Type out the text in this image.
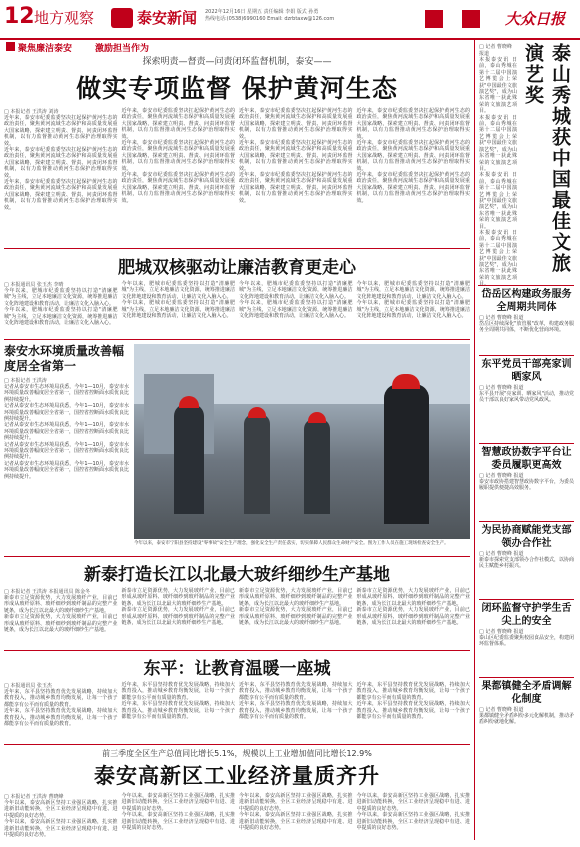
12 地方观察	泰安新闻 2022年12月16日 星期五 责任编辑 李娟 版式 孙勇
热线电话:(0538)6990160 Email: dzrbtaxw@126.com	大众日报
聚焦廉洁泰安	激励担当作为
探索明责—督责—问责闭环监督机制，泰安——
做实专项监督 保护黄河生态
□ 本报记者 王洪涛 刘涛
近年来，泰安市纪委监委坚决扛起保护黄河生态的政治责任，聚焦黄河流域生态保护和高质量发展重大国家战略，探索建立明责、督责、问责闭环监督机制，以有力监督推动黄河生态保护治理取得实效。
近年来，泰安市纪委监委坚决扛起保护黄河生态的政治责任，聚焦黄河流域生态保护和高质量发展重大国家战略，探索建立明责、督责、问责闭环监督机制，以有力监督推动黄河生态保护治理取得实效。
近年来，泰安市纪委监委坚决扛起保护黄河生态的政治责任，聚焦黄河流域生态保护和高质量发展重大国家战略，探索建立明责、督责、问责闭环监督机制，以有力监督推动黄河生态保护治理取得实效。
近年来，泰安市纪委监委坚决扛起保护黄河生态的政治责任，聚焦黄河流域生态保护和高质量发展重大国家战略，探索建立明责、督责、问责闭环监督机制，以有力监督推动黄河生态保护治理取得实效。
近年来，泰安市纪委监委坚决扛起保护黄河生态的政治责任，聚焦黄河流域生态保护和高质量发展重大国家战略，探索建立明责、督责、问责闭环监督机制，以有力监督推动黄河生态保护治理取得实效。
近年来，泰安市纪委监委坚决扛起保护黄河生态的政治责任，聚焦黄河流域生态保护和高质量发展重大国家战略，探索建立明责、督责、问责闭环监督机制，以有力监督推动黄河生态保护治理取得实效。
近年来，泰安市纪委监委坚决扛起保护黄河生态的政治责任，聚焦黄河流域生态保护和高质量发展重大国家战略，探索建立明责、督责、问责闭环监督机制，以有力监督推动黄河生态保护治理取得实效。
近年来，泰安市纪委监委坚决扛起保护黄河生态的政治责任，聚焦黄河流域生态保护和高质量发展重大国家战略，探索建立明责、督责、问责闭环监督机制，以有力监督推动黄河生态保护治理取得实效。
近年来，泰安市纪委监委坚决扛起保护黄河生态的政治责任，聚焦黄河流域生态保护和高质量发展重大国家战略，探索建立明责、督责、问责闭环监督机制，以有力监督推动黄河生态保护治理取得实效。
近年来，泰安市纪委监委坚决扛起保护黄河生态的政治责任，聚焦黄河流域生态保护和高质量发展重大国家战略，探索建立明责、督责、问责闭环监督机制，以有力监督推动黄河生态保护治理取得实效。
近年来，泰安市纪委监委坚决扛起保护黄河生态的政治责任，聚焦黄河流域生态保护和高质量发展重大国家战略，探索建立明责、督责、问责闭环监督机制，以有力监督推动黄河生态保护治理取得实效。
近年来，泰安市纪委监委坚决扛起保护黄河生态的政治责任，聚焦黄河流域生态保护和高质量发展重大国家战略，探索建立明责、督责、问责闭环监督机制，以有力监督推动黄河生态保护治理取得实效。
肥城双核驱动让廉洁教育更走心
□ 本报通讯员 张玉杰 李晴
今年以来，肥城市纪委监委坚持以打造"清廉肥城"为主线，立足本地廉洁文化资源，统筹推进廉洁文化阵地建设和教育活动，让廉洁文化入脑入心。
今年以来，肥城市纪委监委坚持以打造"清廉肥城"为主线，立足本地廉洁文化资源，统筹推进廉洁文化阵地建设和教育活动，让廉洁文化入脑入心。
今年以来，肥城市纪委监委坚持以打造"清廉肥城"为主线，立足本地廉洁文化资源，统筹推进廉洁文化阵地建设和教育活动，让廉洁文化入脑入心。
今年以来，肥城市纪委监委坚持以打造"清廉肥城"为主线，立足本地廉洁文化资源，统筹推进廉洁文化阵地建设和教育活动，让廉洁文化入脑入心。
今年以来，肥城市纪委监委坚持以打造"清廉肥城"为主线，立足本地廉洁文化资源，统筹推进廉洁文化阵地建设和教育活动，让廉洁文化入脑入心。
今年以来，肥城市纪委监委坚持以打造"清廉肥城"为主线，立足本地廉洁文化资源，统筹推进廉洁文化阵地建设和教育活动，让廉洁文化入脑入心。
今年以来，肥城市纪委监委坚持以打造"清廉肥城"为主线，立足本地廉洁文化资源，统筹推进廉洁文化阵地建设和教育活动，让廉洁文化入脑入心。
今年以来，肥城市纪委监委坚持以打造"清廉肥城"为主线，立足本地廉洁文化资源，统筹推进廉洁文化阵地建设和教育活动，让廉洁文化入脑入心。
泰安水环境质量改善幅度居全省第一
□ 本报记者 王洪涛
记者从泰安市生态环境局获悉，今年1—10月，泰安市水环境质量改善幅度居全省第一，国控省控断面水质优良比例持续提升。
记者从泰安市生态环境局获悉，今年1—10月，泰安市水环境质量改善幅度居全省第一，国控省控断面水质优良比例持续提升。
记者从泰安市生态环境局获悉，今年1—10月，泰安市水环境质量改善幅度居全省第一，国控省控断面水质优良比例持续提升。
记者从泰安市生态环境局获悉，今年1—10月，泰安市水环境质量改善幅度居全省第一，国控省控断面水质优良比例持续提升。
记者从泰安市生态环境局获悉，今年1—10月，泰安市水环境质量改善幅度居全省第一，国控省控断面水质优良比例持续提升。
今年以来，泰安市宁阳县坚持建设"零事故"安全生产理念，强化安全生产责任落实，切实保障人民群众生命财产安全。图为工作人员在施工现场检查安全生产。
新泰打造长江以北最大玻纤细纱生产基地
□ 本报记者 王洪涛 本报通讯员 陈金冬
新泰市立足资源优势，大力发展玻纤产业，目前已形成从玻纤原料、玻纤细纱到玻纤制品的完整产业链条，成为长江以北最大的玻纤细纱生产基地。
新泰市立足资源优势，大力发展玻纤产业，目前已形成从玻纤原料、玻纤细纱到玻纤制品的完整产业链条，成为长江以北最大的玻纤细纱生产基地。
新泰市立足资源优势，大力发展玻纤产业，目前已形成从玻纤原料、玻纤细纱到玻纤制品的完整产业链条，成为长江以北最大的玻纤细纱生产基地。
新泰市立足资源优势，大力发展玻纤产业，目前已形成从玻纤原料、玻纤细纱到玻纤制品的完整产业链条，成为长江以北最大的玻纤细纱生产基地。
新泰市立足资源优势，大力发展玻纤产业，目前已形成从玻纤原料、玻纤细纱到玻纤制品的完整产业链条，成为长江以北最大的玻纤细纱生产基地。
新泰市立足资源优势，大力发展玻纤产业，目前已形成从玻纤原料、玻纤细纱到玻纤制品的完整产业链条，成为长江以北最大的玻纤细纱生产基地。
新泰市立足资源优势，大力发展玻纤产业，目前已形成从玻纤原料、玻纤细纱到玻纤制品的完整产业链条，成为长江以北最大的玻纤细纱生产基地。
新泰市立足资源优势，大力发展玻纤产业，目前已形成从玻纤原料、玻纤细纱到玻纤制品的完整产业链条，成为长江以北最大的玻纤细纱生产基地。
东平：让教育温暖一座城
□ 本报通讯员 张玉杰
近年来，东平县坚持教育优先发展战略，持续加大教育投入，推动城乡教育均衡发展，让每一个孩子都能享有公平而有质量的教育。
近年来，东平县坚持教育优先发展战略，持续加大教育投入，推动城乡教育均衡发展，让每一个孩子都能享有公平而有质量的教育。
近年来，东平县坚持教育优先发展战略，持续加大教育投入，推动城乡教育均衡发展，让每一个孩子都能享有公平而有质量的教育。
近年来，东平县坚持教育优先发展战略，持续加大教育投入，推动城乡教育均衡发展，让每一个孩子都能享有公平而有质量的教育。
近年来，东平县坚持教育优先发展战略，持续加大教育投入，推动城乡教育均衡发展，让每一个孩子都能享有公平而有质量的教育。
近年来，东平县坚持教育优先发展战略，持续加大教育投入，推动城乡教育均衡发展，让每一个孩子都能享有公平而有质量的教育。
近年来，东平县坚持教育优先发展战略，持续加大教育投入，推动城乡教育均衡发展，让每一个孩子都能享有公平而有质量的教育。
近年来，东平县坚持教育优先发展战略，持续加大教育投入，推动城乡教育均衡发展，让每一个孩子都能享有公平而有质量的教育。
前三季度全区生产总值同比增长5.1%，规模以上工业增加值同比增长12.9%
泰安高新区工业经济量质齐升
□ 本报记者 王洪涛 曹晓峰
今年以来，泰安高新区坚持工业强区战略，扎实推进新旧动能转换，全区工业经济呈现稳中有进、进中提质的良好态势。
今年以来，泰安高新区坚持工业强区战略，扎实推进新旧动能转换，全区工业经济呈现稳中有进、进中提质的良好态势。
今年以来，泰安高新区坚持工业强区战略，扎实推进新旧动能转换，全区工业经济呈现稳中有进、进中提质的良好态势。
今年以来，泰安高新区坚持工业强区战略，扎实推进新旧动能转换，全区工业经济呈现稳中有进、进中提质的良好态势。
今年以来，泰安高新区坚持工业强区战略，扎实推进新旧动能转换，全区工业经济呈现稳中有进、进中提质的良好态势。
今年以来，泰安高新区坚持工业强区战略，扎实推进新旧动能转换，全区工业经济呈现稳中有进、进中提质的良好态势。
今年以来，泰安高新区坚持工业强区战略，扎实推进新旧动能转换，全区工业经济呈现稳中有进、进中提质的良好态势。
今年以来，泰安高新区坚持工业强区战略，扎实推进新旧动能转换，全区工业经济呈现稳中有进、进中提质的良好态势。
□ 记者 曹晓峰 报道
本报泰安讯 日前，泰山秀城在第十二届中国演艺博览会上荣获"中国最佳文旅演艺奖"，成为山东省唯一获此殊荣的文旅演艺项目。
本报泰安讯 日前，泰山秀城在第十二届中国演艺博览会上荣获"中国最佳文旅演艺奖"，成为山东省唯一获此殊荣的文旅演艺项目。
本报泰安讯 日前，泰山秀城在第十二届中国演艺博览会上荣获"中国最佳文旅演艺奖"，成为山东省唯一获此殊荣的文旅演艺项目。
本报泰安讯 日前，泰山秀城在第十二届中国演艺博览会上荣获"中国最佳文旅演艺奖"，成为山东省唯一获此殊荣的文旅演艺项目。
泰山秀城获中国最佳文旅演艺奖
岱岳区构建政务服务全周期共同体
□ 记者 曹晓峰 报道
岱岳区持续深化"放管服"改革，构建政务服务全周期共同体，不断优化营商环境。
东平党员干部亮家训晒家风
□ 记者 曹晓峰 报道
东平县开展"亮家训、晒家风"活动，推动党员干部以良好家风带动党风政风。
智慧政协数字平台让委员履职更高效
□ 记者 曹晓峰 报道
泰安市政协搭建智慧政协数字平台，为委员履职提供便捷高效服务。
为民协商赋能党支部领办合作社
□ 记者 曹晓峰 报道
新泰市探索党支部领办合作社模式，以协商民主赋能乡村振兴。
闭环监督守护学生舌尖上的安全
□ 记者 曹晓峰 报道
泰山区纪委监委聚焦校园食品安全，构建闭环监督体系。
果都镇健全矛盾调解化制度
□ 记者 曹晓峰 报道
果都镇健全矛盾纠纷多元化解机制，推动矛盾纠纷就地化解。
